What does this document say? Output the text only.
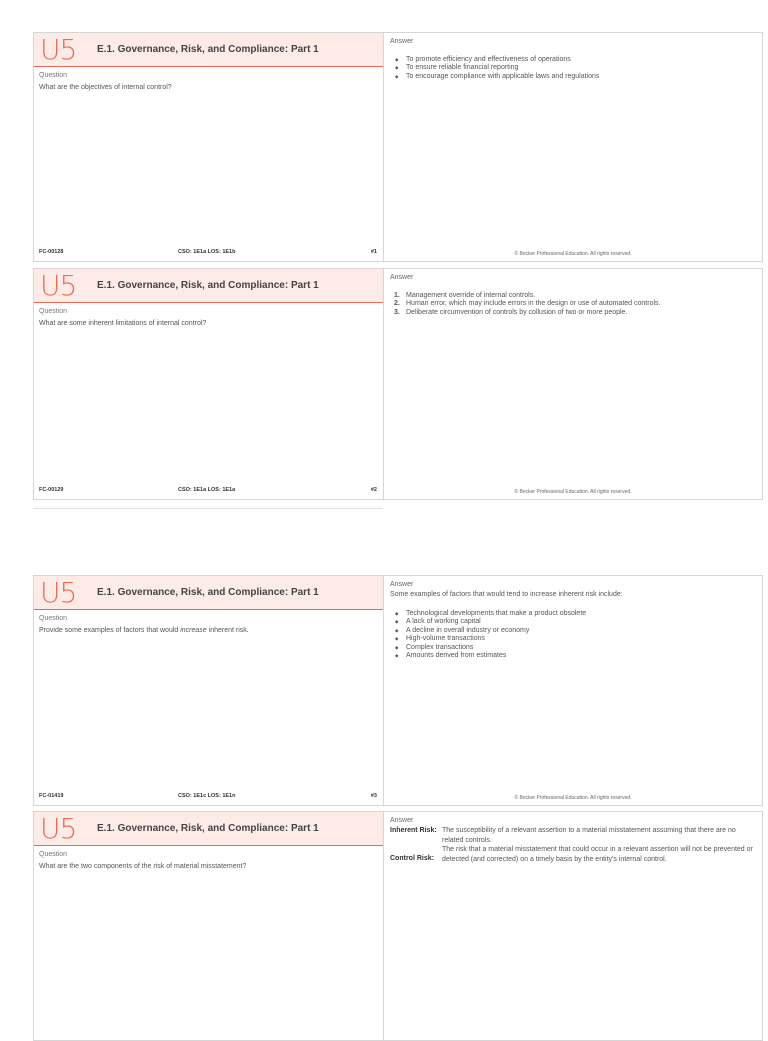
U5 E.1. Governance, Risk, and Compliance: Part 1
Question
What are the objectives of internal control?
FC-00128	CSO: 1E1a LOS: 1E1b	#1
Answer
◆ To promote efficiency and effectiveness of operations
◆ To ensure reliable financial reporting
◆ To encourage compliance with applicable laws and regulations
© Becker Professional Education. All rights reserved.
U5 E.1. Governance, Risk, and Compliance: Part 1
Question
What are some inherent limitations of internal control?
FC-00129	CSO: 1E1a LOS: 1E1a	#2
Answer
1. Management override of internal controls.
2. Human error, which may include errors in the design or use of automated controls.
3. Deliberate circumvention of controls by collusion of two or more people.
© Becker Professional Education. All rights reserved.
U5 E.1. Governance, Risk, and Compliance: Part 1
Question
Provide some examples of factors that would increase inherent risk.
FC-01419	CSO: 1E1c LOS: 1E1n	#3
Answer
Some examples of factors that would tend to increase inherent risk include:
◆ Technological developments that make a product obsolete
◆ A lack of working capital
◆ A decline in overall industry or economy
◆ High-volume transactions
◆ Complex transactions
◆ Amounts derived from estimates
© Becker Professional Education. All rights reserved.
U5 E.1. Governance, Risk, and Compliance: Part 1
Question
What are the two components of the risk of material misstatement?
Answer
Inherent Risk: The susceptibility of a relevant assertion to a material misstatement assuming that there are no related controls.
Control Risk:
The risk that a material misstatement that could occur in a relevant assertion will not be prevented or detected (and corrected) on a timely basis by the entity's internal control.
